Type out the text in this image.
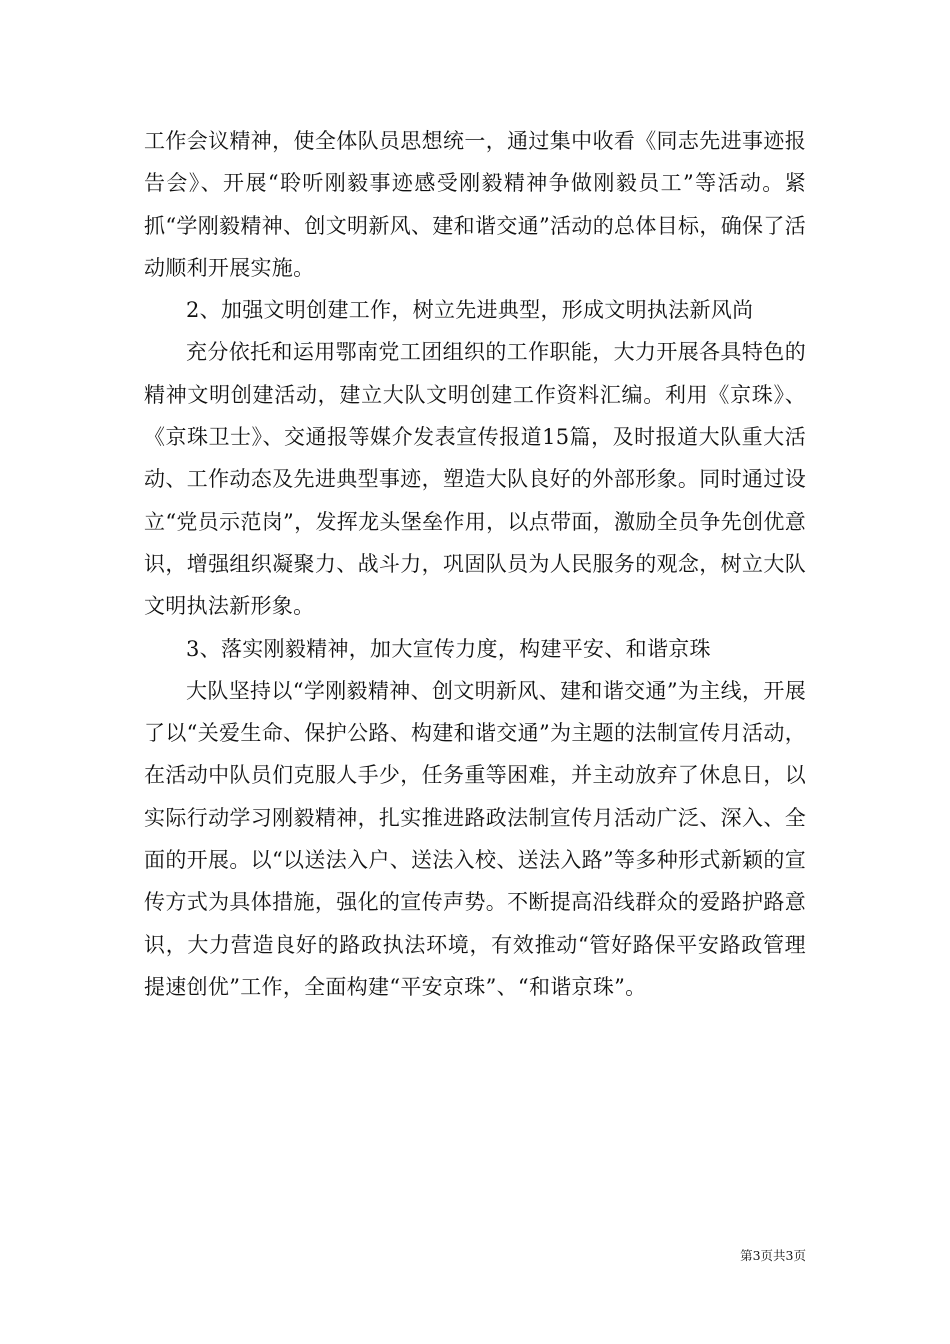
工作会议精神，使全体队员思想统一，通过集中收看《同志先进事迹报告会》、开展“聆听刚毅事迹感受刚毅精神争做刚毅员工”等活动。紧抓“学刚毅精神、创文明新风、建和谐交通”活动的总体目标，确保了活动顺利开展实施。

2、加强文明创建工作，树立先进典型，形成文明执法新风尚

充分依托和运用鄂南党工团组织的工作职能，大力开展各具特色的精神文明创建活动，建立大队文明创建工作资料汇编。利用《京珠》、《京珠卫士》、交通报等媒介发表宣传报道15篇，及时报道大队重大活动、工作动态及先进典型事迹，塑造大队良好的外部形象。同时通过设立“党员示范岗”，发挥龙头堡垒作用，以点带面，激励全员争先创优意识，增强组织凝聚力、战斗力，巩固队员为人民服务的观念，树立大队文明执法新形象。

3、落实刚毅精神，加大宣传力度，构建平安、和谐京珠

大队坚持以“学刚毅精神、创文明新风、建和谐交通”为主线，开展了以“关爱生命、保护公路、构建和谐交通”为主题的法制宣传月活动，在活动中队员们克服人手少，任务重等困难，并主动放弃了休息日，以实际行动学习刚毅精神，扎实推进路政法制宣传月活动广泛、深入、全面的开展。以“以送法入户、送法入校、送法入路”等多种形式新颖的宣传方式为具体措施，强化的宣传声势。不断提高沿线群众的爱路护路意识，大力营造良好的路政执法环境，有效推动“管好路保平安路政管理提速创优”工作，全面构建“平安京珠”、“和谐京珠”。

第3页共3页
